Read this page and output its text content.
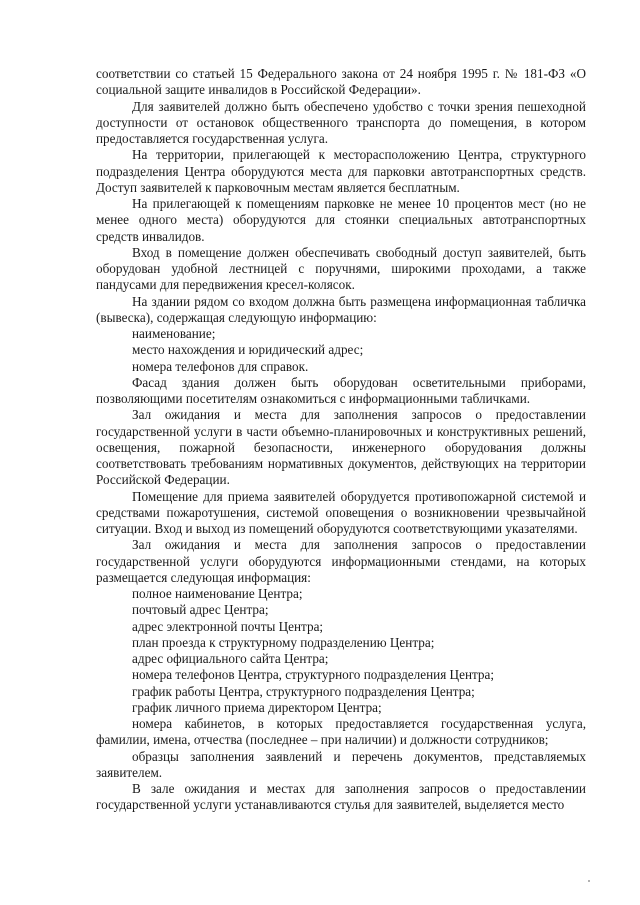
соответствии со статьей 15 Федерального закона от 24 ноября 1995 г. № 181-ФЗ «О социальной защите инвалидов в Российской Федерации».

Для заявителей должно быть обеспечено удобство с точки зрения пешеходной доступности от остановок общественного транспорта до помещения, в котором предоставляется государственная услуга.

На территории, прилегающей к месторасположению Центра, структурного подразделения Центра оборудуются места для парковки автотранспортных средств. Доступ заявителей к парковочным местам является бесплатным.

На прилегающей к помещениям парковке не менее 10 процентов мест (но не менее одного места) оборудуются для стоянки специальных автотранспортных средств инвалидов.

Вход в помещение должен обеспечивать свободный доступ заявителей, быть оборудован удобной лестницей с поручнями, широкими проходами, а также пандусами для передвижения кресел-колясок.

На здании рядом со входом должна быть размещена информационная табличка (вывеска), содержащая следующую информацию:

наименование;
место нахождения и юридический адрес;
номера телефонов для справок.

Фасад здания должен быть оборудован осветительными приборами, позволяющими посетителям ознакомиться с информационными табличками.

Зал ожидания и места для заполнения запросов о предоставлении государственной услуги в части объемно-планировочных и конструктивных решений, освещения, пожарной безопасности, инженерного оборудования должны соответствовать требованиям нормативных документов, действующих на территории Российской Федерации.

Помещение для приема заявителей оборудуется противопожарной системой и средствами пожаротушения, системой оповещения о возникновении чрезвычайной ситуации. Вход и выход из помещений оборудуются соответствующими указателями.

Зал ожидания и места для заполнения запросов о предоставлении государственной услуги оборудуются информационными стендами, на которых размещается следующая информация:

полное наименование Центра;
почтовый адрес Центра;
адрес электронной почты Центра;
план проезда к структурному подразделению Центра;
адрес официального сайта Центра;
номера телефонов Центра, структурного подразделения Центра;
график работы Центра, структурного подразделения Центра;
график личного приема директором Центра;

номера кабинетов, в которых предоставляется государственная услуга, фамилии, имена, отчества (последнее – при наличии) и должности сотрудников;

образцы заполнения заявлений и перечень документов, представляемых заявителем.

В зале ожидания и местах для заполнения запросов о предоставлении государственной услуги устанавливаются стулья для заявителей, выделяется место
